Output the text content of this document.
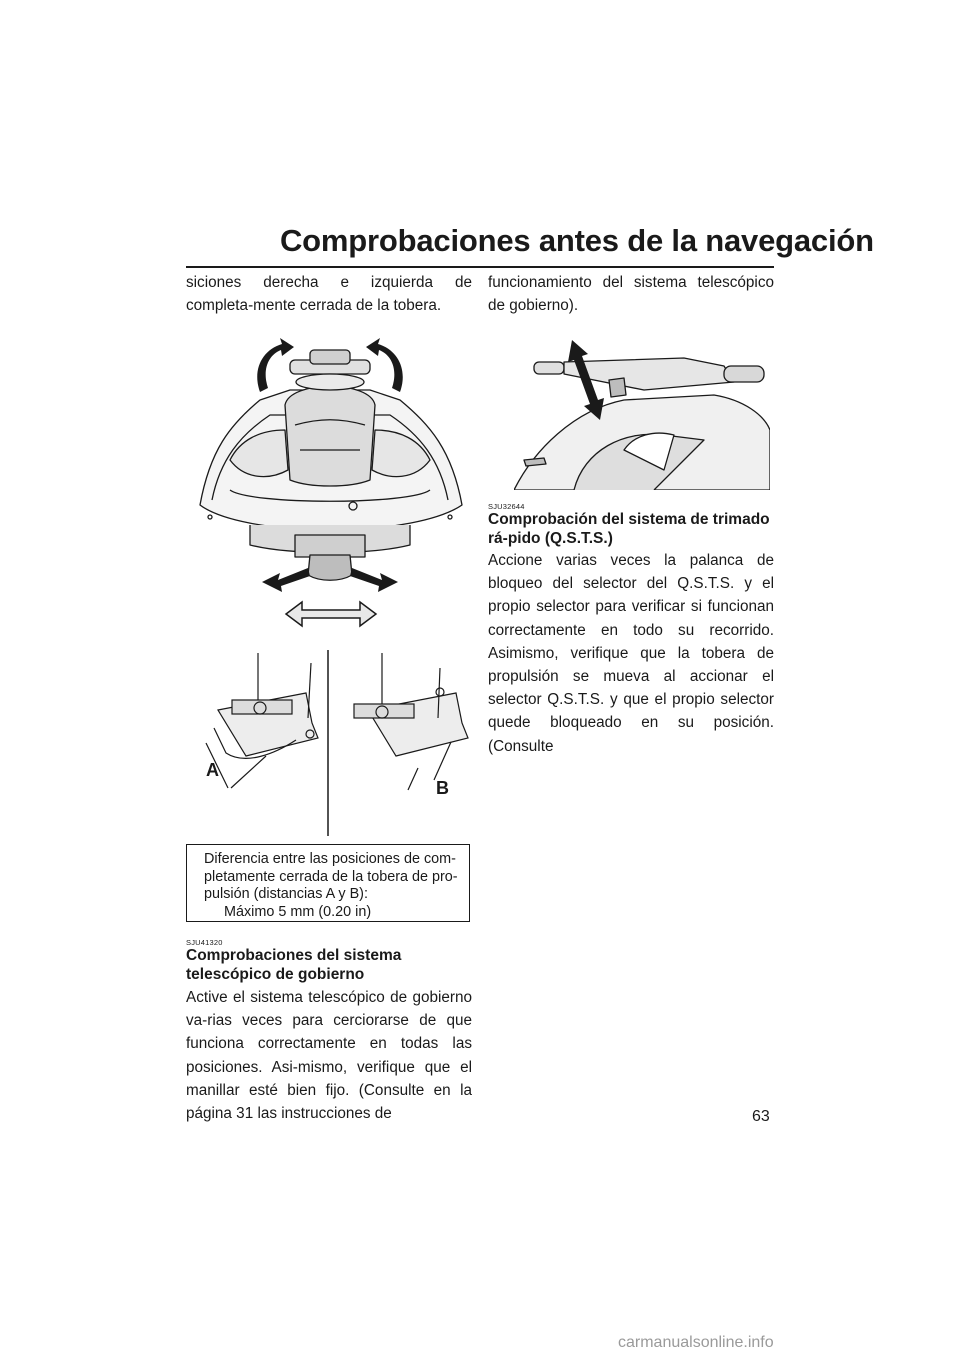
Comprobaciones antes de la navegación

siciones derecha e izquierda de completa-mente cerrada de la tobera.

A
B
Diferencia entre las posiciones de com-pletamente cerrada de la tobera de pro-pulsión (distancias A y B):
Máximo 5 mm (0.20 in)
SJU41320

Comprobaciones del sistema telescópico de gobierno

Active el sistema telescópico de gobierno va-rias veces para cerciorarse de que funciona correctamente en todas las posiciones. Asi-mismo, verifique que el manillar esté bien fijo. (Consulte en la página 31 las instrucciones de

funcionamiento del sistema telescópico de gobierno).

SJU32644

Comprobación del sistema de trimado rá-pido (Q.S.T.S.)

Accione varias veces la palanca de bloqueo del selector del Q.S.T.S. y el propio selector para verificar si funcionan correctamente en todo su recorrido. Asimismo, verifique que la tobera de propulsión se mueva al accionar el selector Q.S.T.S. y que el propio selector quede bloqueado en su posición. (Consulte

63
carmanualsonline.info
